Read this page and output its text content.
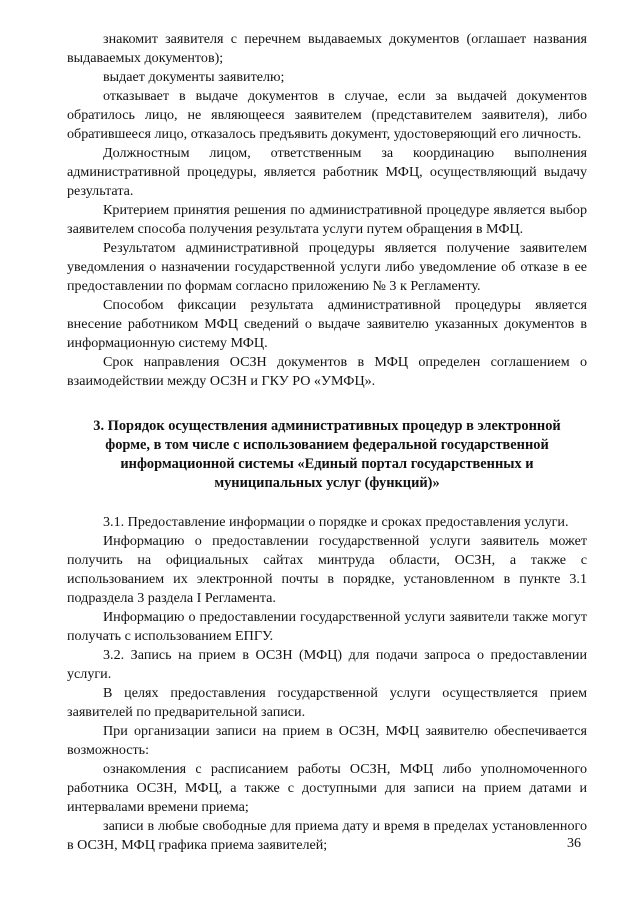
знакомит заявителя с перечнем выдаваемых документов (оглашает названия выдаваемых документов);

выдает документы заявителю;

отказывает в выдаче документов в случае, если за выдачей документов обратилось лицо, не являющееся заявителем (представителем заявителя), либо обратившееся лицо, отказалось предъявить документ, удостоверяющий его личность.

Должностным лицом, ответственным за координацию выполнения административной процедуры, является работник МФЦ, осуществляющий выдачу результата.

Критерием принятия решения по административной процедуре является выбор заявителем способа получения результата услуги путем обращения в МФЦ.

Результатом административной процедуры является получение заявителем уведомления о назначении государственной услуги либо уведомление об отказе в ее предоставлении по формам согласно приложению № 3 к Регламенту.

Способом фиксации результата административной процедуры является внесение работником МФЦ сведений о выдаче заявителю указанных документов в информационную систему МФЦ.

Срок направления ОСЗН документов в МФЦ определен соглашением о взаимодействии между ОСЗН и ГКУ РО «УМФЦ».

3. Порядок осуществления административных процедур в электронной форме, в том числе с использованием федеральной государственной информационной системы «Единый портал государственных и муниципальных услуг (функций)»

3.1. Предоставление информации о порядке и сроках предоставления услуги.

Информацию о предоставлении государственной услуги заявитель может получить на официальных сайтах минтруда области, ОСЗН, а также с использованием их электронной почты в порядке, установленном в пункте 3.1 подраздела 3 раздела I Регламента.

Информацию о предоставлении государственной услуги заявители также могут получать с использованием ЕПГУ.

3.2. Запись на прием в ОСЗН (МФЦ) для подачи запроса о предоставлении услуги.

В целях предоставления государственной услуги осуществляется прием заявителей по предварительной записи.

При организации записи на прием в ОСЗН, МФЦ заявителю обеспечивается возможность:

ознакомления с расписанием работы ОСЗН, МФЦ либо уполномоченного работника ОСЗН, МФЦ, а также с доступными для записи на прием датами и интервалами времени приема;

записи в любые свободные для приема дату и время в пределах установленного в ОСЗН, МФЦ графика приема заявителей;	36
